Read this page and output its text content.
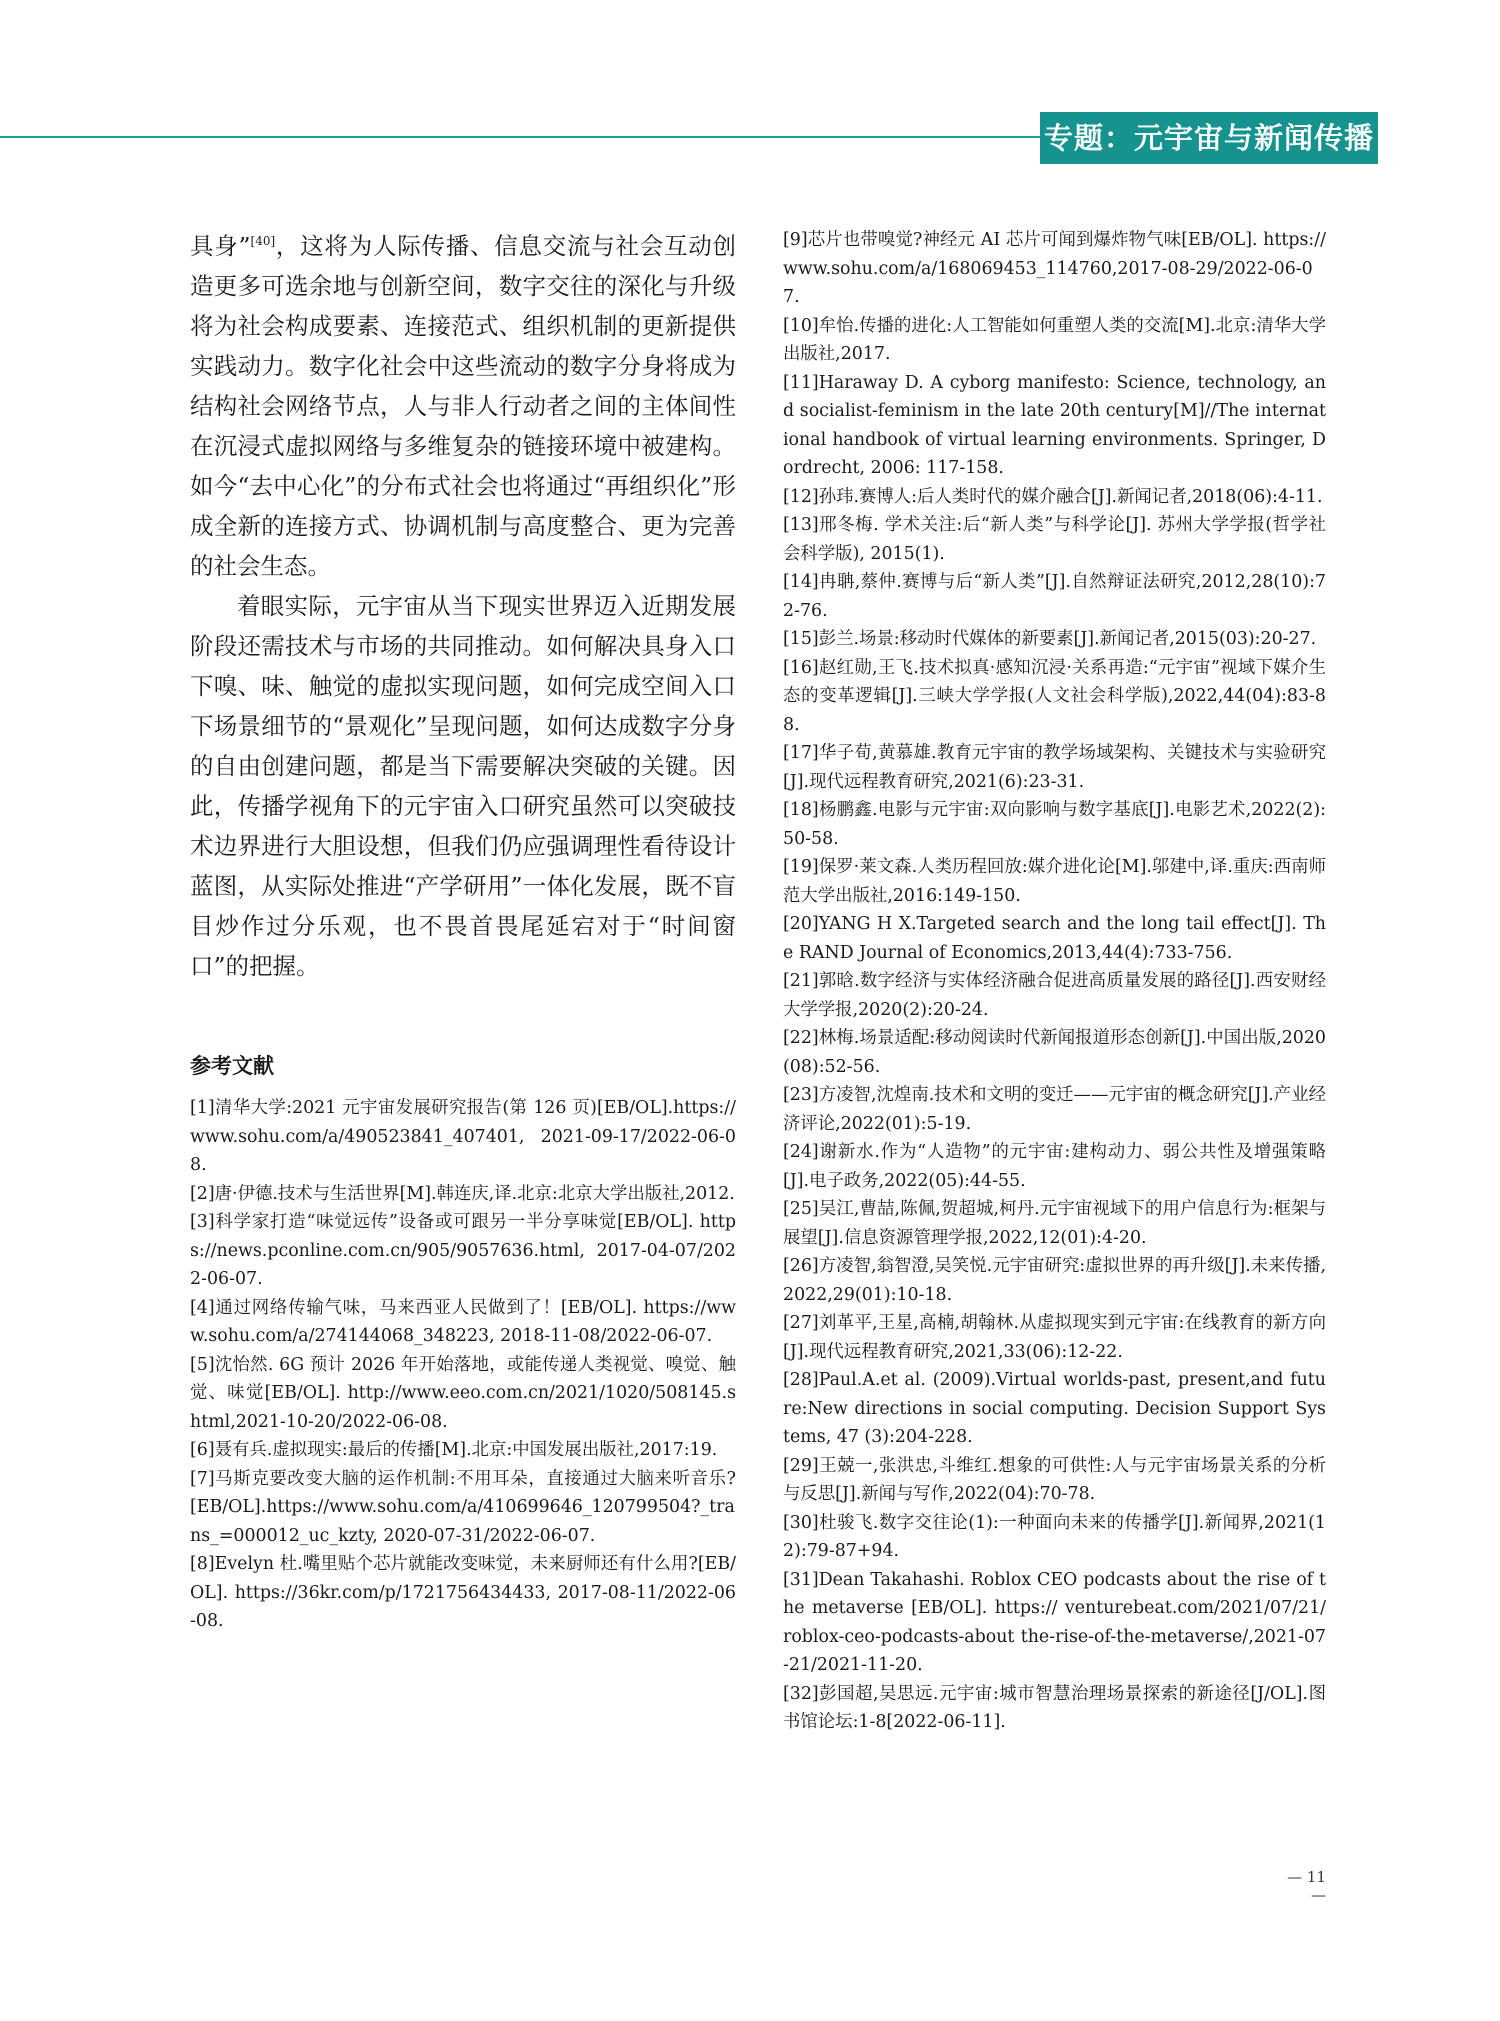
专题：元宇宙与新闻传播

具身”[40]，这将为人际传播、信息交流与社会互动创造更多可选余地与创新空间，数字交往的深化与升级将为社会构成要素、连接范式、组织机制的更新提供实践动力。数字化社会中这些流动的数字分身将成为结构社会网络节点，人与非人行动者之间的主体间性在沉浸式虚拟网络与多维复杂的链接环境中被建构。如今“去中心化”的分布式社会也将通过“再组织化”形成全新的连接方式、协调机制与高度整合、更为完善的社会生态。

着眼实际，元宇宙从当下现实世界迈入近期发展阶段还需技术与市场的共同推动。如何解决具身入口下嗅、味、触觉的虚拟实现问题，如何完成空间入口下场景细节的“景观化”呈现问题，如何达成数字分身的自由创建问题，都是当下需要解决突破的关键。因此，传播学视角下的元宇宙入口研究虽然可以突破技术边界进行大胆设想，但我们仍应强调理性看待设计蓝图，从实际处推进“产学研用”一体化发展，既不盲目炒作过分乐观，也不畏首畏尾延宕对于“时间窗口”的把握。

参考文献
[1]清华大学:2021 元宇宙发展研究报告(第 126 页)[EB/OL].https://www.sohu.com/a/490523841_407401, 2021-09-17/2022-06-08.
[2]唐·伊德.技术与生活世界[M].韩连庆,译.北京:北京大学出版社,2012.
[3]科学家打造“味觉远传”设备或可跟另一半分享味觉[EB/OL]. https://news.pconline.com.cn/905/9057636.html, 2017-04-07/2022-06-07.
[4]通过网络传输气味，马来西亚人民做到了！[EB/OL]. https://www.sohu.com/a/274144068_348223, 2018-11-08/2022-06-07.
[5]沈怡然. 6G 预计 2026 年开始落地，或能传递人类视觉、嗅觉、触觉、味觉[EB/OL]. http://www.eeo.com.cn/2021/1020/508145.shtml,2021-10-20/2022-06-08.
[6]聂有兵.虚拟现实:最后的传播[M].北京:中国发展出版社,2017:19.
[7]马斯克要改变大脑的运作机制:不用耳朵，直接通过大脑来听音乐?[EB/OL].https://www.sohu.com/a/410699646_120799504?_trans_=000012_uc_kzty, 2020-07-31/2022-06-07.
[8]Evelyn 杜.嘴里贴个芯片就能改变味觉，未来厨师还有什么用?[EB/OL]. https://36kr.com/p/1721756434433, 2017-08-11/2022-06-08.
[9]芯片也带嗅觉?神经元 AI 芯片可闻到爆炸物气味[EB/OL]. https://www.sohu.com/a/168069453_114760,2017-08-29/2022-06-07.
[10]牟怡.传播的进化:人工智能如何重塑人类的交流[M].北京:清华大学出版社,2017.
[11]Haraway D. A cyborg manifesto: Science, technology, and socialist-feminism in the late 20th century[M]//The international handbook of virtual learning environments. Springer, Dordrecht, 2006: 117-158.
[12]孙玮.赛博人:后人类时代的媒介融合[J].新闻记者,2018(06):4-11.
[13]邢冬梅. 学术关注:后“新人类”与科学论[J]. 苏州大学学报(哲学社会科学版), 2015(1).
[14]冉聃,蔡仲.赛博与后“新人类”[J].自然辩证法研究,2012,28(10):72-76.
[15]彭兰.场景:移动时代媒体的新要素[J].新闻记者,2015(03):20-27.
[16]赵红勋,王飞.技术拟真·感知沉浸·关系再造:“元宇宙”视域下媒介生态的变革逻辑[J].三峡大学学报(人文社会科学版),2022,44(04):83-88.
[17]华子荀,黄慕雄.教育元宇宙的教学场域架构、关键技术与实验研究[J].现代远程教育研究,2021(6):23-31.
[18]杨鹏鑫.电影与元宇宙:双向影响与数字基底[J].电影艺术,2022(2):50-58.
[19]保罗·莱文森.人类历程回放:媒介进化论[M].邬建中,译.重庆:西南师范大学出版社,2016:149-150.
[20]YANG H X.Targeted search and the long tail effect[J]. The RAND Journal of Economics,2013,44(4):733-756.
[21]郭晗.数字经济与实体经济融合促进高质量发展的路径[J].西安财经大学学报,2020(2):20-24.
[22]林梅.场景适配:移动阅读时代新闻报道形态创新[J].中国出版,2020(08):52-56.
[23]方凌智,沈煌南.技术和文明的变迁——元宇宙的概念研究[J].产业经济评论,2022(01):5-19.
[24]谢新水.作为“人造物”的元宇宙:建构动力、弱公共性及增强策略[J].电子政务,2022(05):44-55.
[25]吴江,曹喆,陈佩,贺超城,柯丹.元宇宙视域下的用户信息行为:框架与展望[J].信息资源管理学报,2022,12(01):4-20.
[26]方凌智,翁智澄,吴笑悦.元宇宙研究:虚拟世界的再升级[J].未来传播,2022,29(01):10-18.
[27]刘革平,王星,高楠,胡翰林.从虚拟现实到元宇宙:在线教育的新方向[J].现代远程教育研究,2021,33(06):12-22.
[28]Paul.A.et al. (2009).Virtual worlds-past, present,and future:New directions in social computing. Decision Support Systems, 47 (3):204-228.
[29]王兢一,张洪忠,斗维红.想象的可供性:人与元宇宙场景关系的分析与反思[J].新闻与写作,2022(04):70-78.
[30]杜骏飞.数字交往论(1):一种面向未来的传播学[J].新闻界,2021(12):79-87+94.
[31]Dean Takahashi. Roblox CEO podcasts about the rise of the metaverse [EB/OL]. https:// venturebeat.com/2021/07/21/roblox-ceo-podcasts-about the-rise-of-the-metaverse/,2021-07-21/2021-11-20.
[32]彭国超,吴思远.元宇宙:城市智慧治理场景探索的新途径[J/OL].图书馆论坛:1-8[2022-06-11].
— 11 —
